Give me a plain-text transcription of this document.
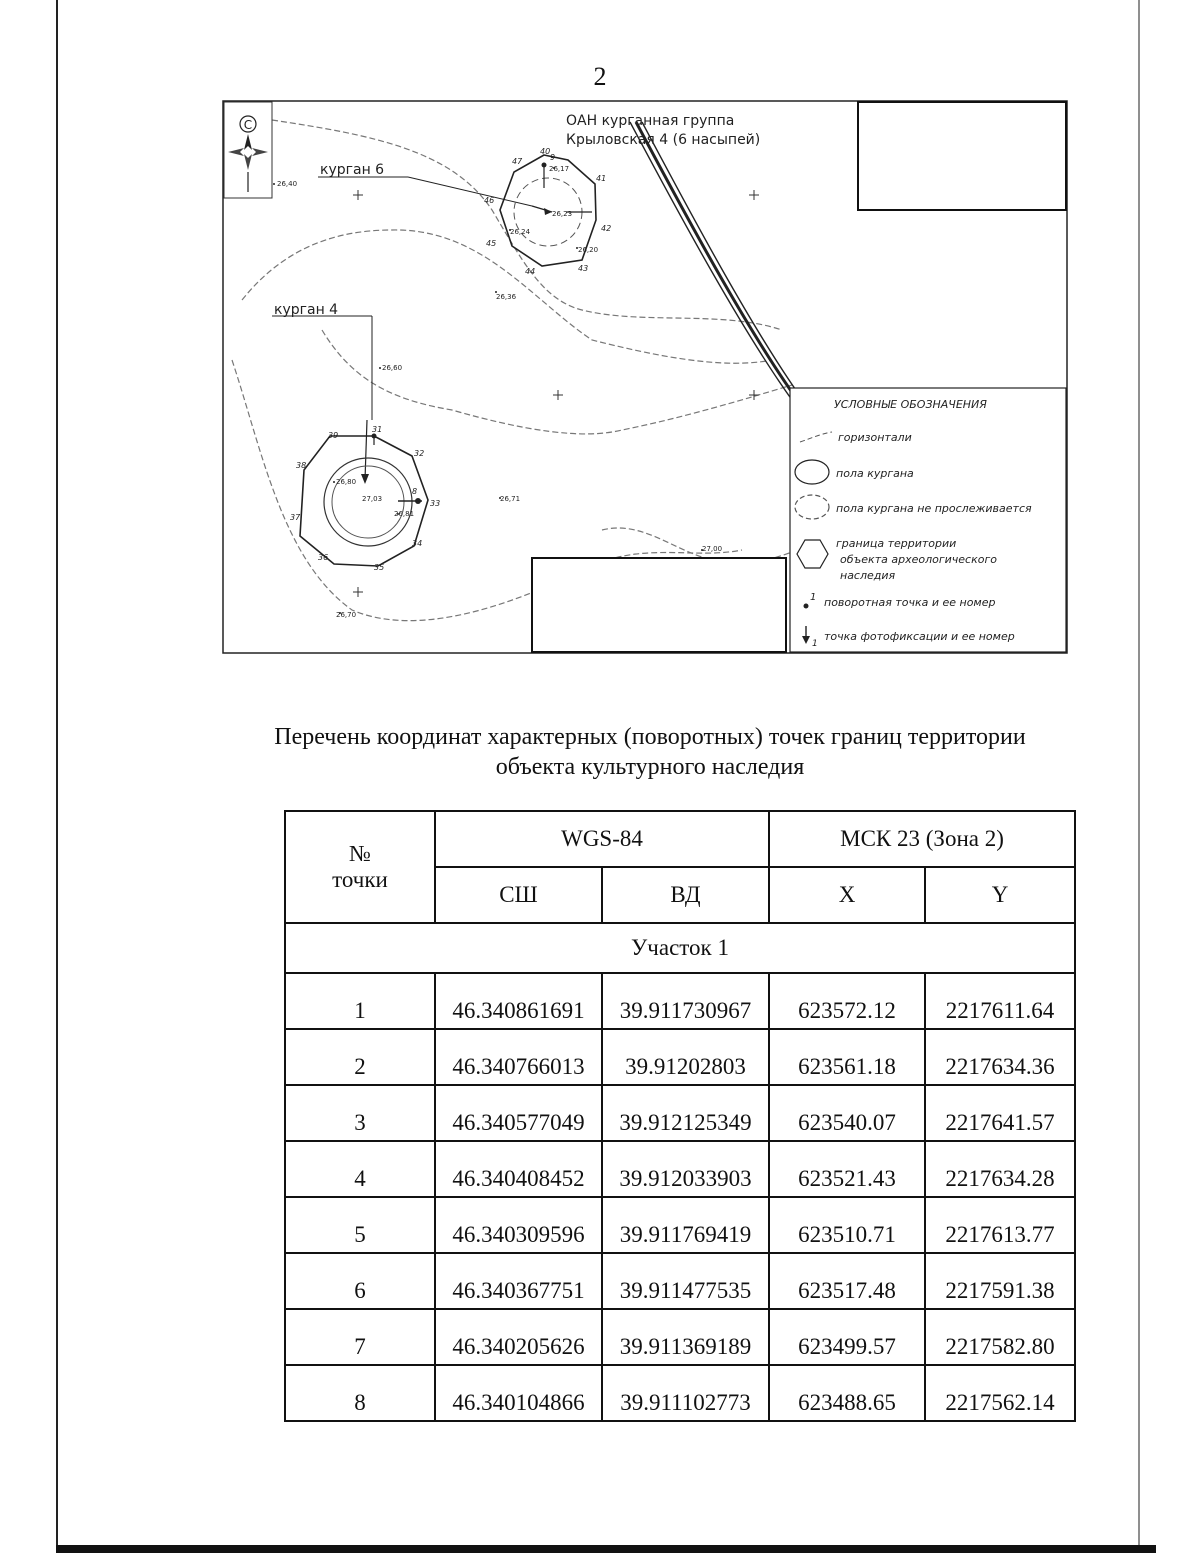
2
С	ОАН курганная группа
Крыловская 4 (6 насыпей)
курган 6
40
41
42
43
44
45
46
47
курган 4
31
32
33
34
35
36
37
38
39
8
9
26,40
26,17
26,23
26,24
26,20
26,36
26,60
26,80
27,03
26,81
26,71
27,00
26,70
УСЛОВНЫЕ ОБОЗНАЧЕНИЯ
горизонтали
пола кургана
пола кургана не прослеживается
граница территории
объекта археологического
наследия
1 поворотная точка и ее номер
1
точка фотофиксации и ее номер
Перечень координат характерных (поворотных) точек границ территории
объекта культурного наследия
№
точки	WGS-84		МСК 23 (Зона 2)	
	СШ	ВД	X	Y
Участок 1				
1	46.340861691	39.911730967	623572.12	2217611.64
2	46.340766013	39.91202803	623561.18	2217634.36
3	46.340577049	39.912125349	623540.07	2217641.57
4	46.340408452	39.912033903	623521.43	2217634.28
5	46.340309596	39.911769419	623510.71	2217613.77
6	46.340367751	39.911477535	623517.48	2217591.38
7	46.340205626	39.911369189	623499.57	2217582.80
8	46.340104866	39.911102773	623488.65	2217562.14
